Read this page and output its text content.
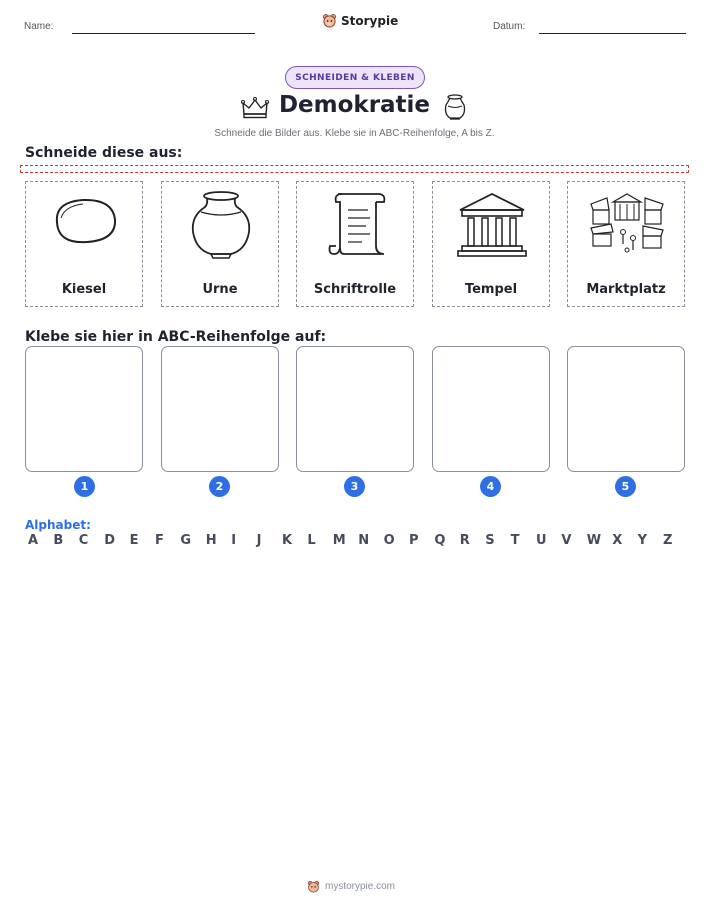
Name:	Storypie	Datum:
SCHNEIDEN & KLEBEN
Demokratie
Schneide die Bilder aus. Klebe sie in ABC-Reihenfolge, A bis Z.
Schneide diese aus:
Kiesel	Urne	Schriftrolle	Tempel	Marktplatz
Klebe sie hier in ABC-Reihenfolge auf:
1	2	3	4	5
Alphabet:
A B C D E F G H I J K L M N O P Q R S T U V W X Y Z
mystorypie.com
